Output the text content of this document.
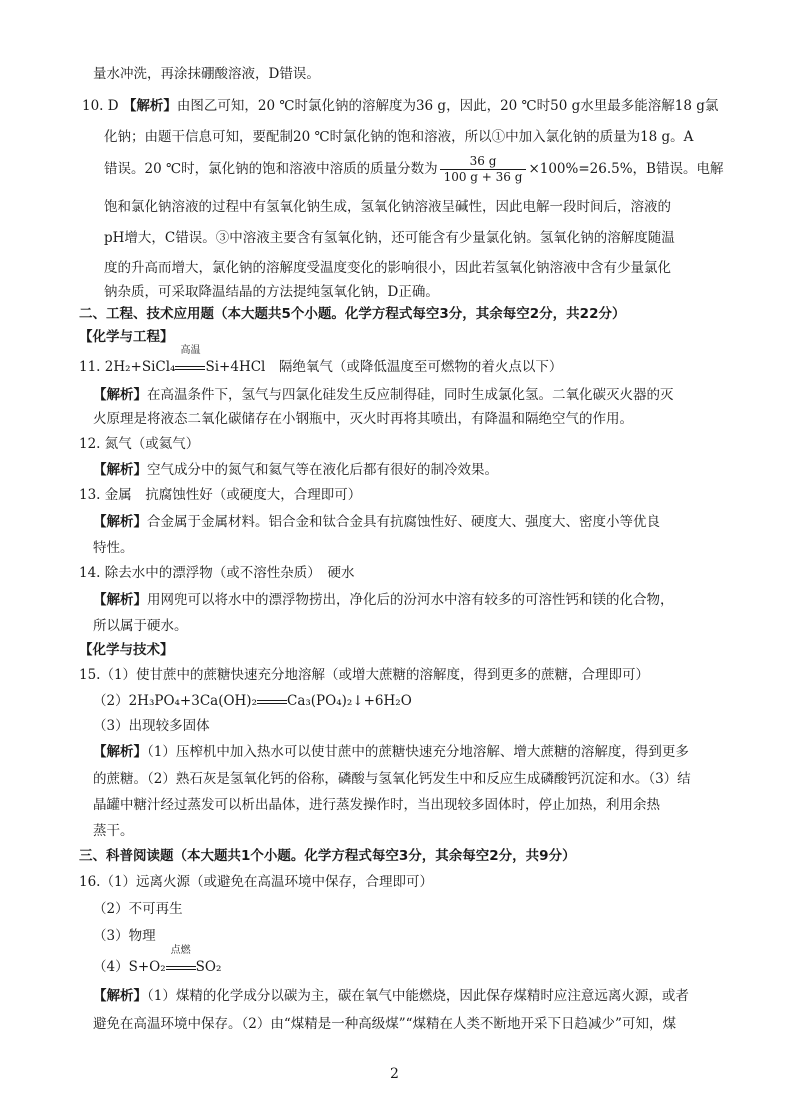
量水冲洗，再涂抹硼酸溶液，D错误。
10. D 【解析】由图乙可知，20 ℃时氯化钠的溶解度为36 g，因此，20 ℃时50 g水里最多能溶解18 g氯
化钠；由题干信息可知，要配制20 ℃时氯化钠的饱和溶液，所以①中加入氯化钠的质量为18 g。A
错误。20 ℃时，氯化钠的饱和溶液中溶质的质量分数为 $\frac{36 g}{100 g + 36 g} \times 100\%=26.5\%$，B错误。电解
饱和氯化钠溶液的过程中有氢氧化钠生成，氢氧化钠溶液呈碱性，因此电解一段时间后，溶液的
pH增大，C错误。③中溶液主要含有氢氧化钠，还可能含有少量氯化钠。氢氧化钠的溶解度随温
度的升高而增大，氯化钠的溶解度受温度变化的影响很小，因此若氢氧化钠溶液中含有少量氯化
钠杂质，可采取降温结晶的方法提纯氢氧化钠，D正确。
二、工程、技术应用题（本大题共5个小题。化学方程式每空3分，其余每空2分，共22分）
【化学与工程】
11. 2H₂+SiCl₄
高温
Si+4HCl　隔绝氧气（或降低温度至可燃物的着火点以下）
【解析】在高温条件下，氢气与四氯化硅发生反应制得硅，同时生成氯化氢。二氧化碳灭火器的灭
火原理是将液态二氧化碳储存在小钢瓶中，灭火时再将其喷出，有降温和隔绝空气的作用。
12. 氮气（或氦气）
【解析】空气成分中的氮气和氦气等在液化后都有很好的制冷效果。
13. 金属　抗腐蚀性好（或硬度大，合理即可）
【解析】合金属于金属材料。铝合金和钛合金具有抗腐蚀性好、硬度大、强度大、密度小等优良
特性。
14. 除去水中的漂浮物（或不溶性杂质）　硬水
【解析】用网兜可以将水中的漂浮物捞出，净化后的汾河水中溶有较多的可溶性钙和镁的化合物，
所以属于硬水。
【化学与技术】
15.（1）使甘蔗中的蔗糖快速充分地溶解（或增大蔗糖的溶解度，得到更多的蔗糖，合理即可）
（2）2H₃PO₄+3Ca(OH)₂ Ca₃(PO₄)₂↓+6H₂O
（3）出现较多固体
【解析】（1）压榨机中加入热水可以使甘蔗中的蔗糖快速充分地溶解、增大蔗糖的溶解度，得到更多
的蔗糖。（2）熟石灰是氢氧化钙的俗称，磷酸与氢氧化钙发生中和反应生成磷酸钙沉淀和水。（3）结
晶罐中糖汁经过蒸发可以析出晶体，进行蒸发操作时，当出现较多固体时，停止加热，利用余热
蒸干。
三、科普阅读题（本大题共1个小题。化学方程式每空3分，其余每空2分，共9分）
16.（1）远离火源（或避免在高温环境中保存，合理即可）
（2）不可再生
（3）物理
（4）S+O₂
点燃
SO₂
【解析】（1）煤精的化学成分以碳为主，碳在氧气中能燃烧，因此保存煤精时应注意远离火源，或者
避免在高温环境中保存。（2）由“煤精是一种高级煤”“煤精在人类不断地开采下日趋减少”可知，煤
2
